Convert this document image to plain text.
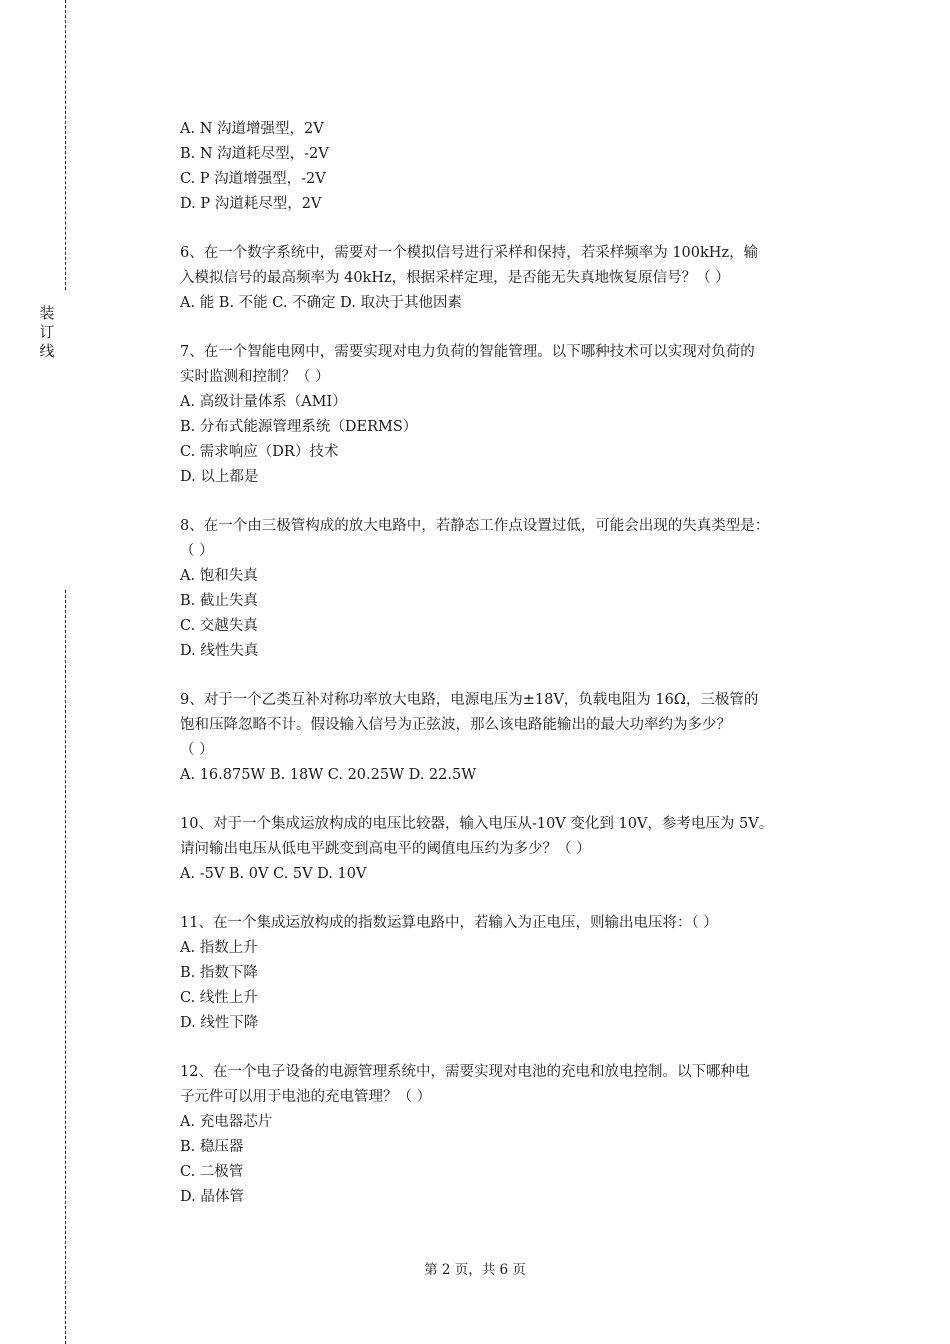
装订线
A. N 沟道增强型，2V
B. N 沟道耗尽型，-2V
C. P 沟道增强型，-2V
D. P 沟道耗尽型，2V
6、在一个数字系统中，需要对一个模拟信号进行采样和保持，若采样频率为 100kHz，输
入模拟信号的最高频率为 40kHz，根据采样定理，是否能无失真地恢复原信号？（ ）
A. 能 B. 不能 C. 不确定 D. 取决于其他因素
7、在一个智能电网中，需要实现对电力负荷的智能管理。以下哪种技术可以实现对负荷的
实时监测和控制？（ ）
A. 高级计量体系（AMI）
B. 分布式能源管理系统（DERMS）
C. 需求响应（DR）技术
D. 以上都是
8、在一个由三极管构成的放大电路中，若静态工作点设置过低，可能会出现的失真类型是：
（ ）
A. 饱和失真
B. 截止失真
C. 交越失真
D. 线性失真
9、对于一个乙类互补对称功率放大电路，电源电压为±18V，负载电阻为 16Ω，三极管的
饱和压降忽略不计。假设输入信号为正弦波，那么该电路能输出的最大功率约为多少？
（ ）
A. 16.875W B. 18W C. 20.25W D. 22.5W
10、对于一个集成运放构成的电压比较器，输入电压从-10V 变化到 10V，参考电压为 5V。
请问输出电压从低电平跳变到高电平的阈值电压约为多少？（ ）
A. -5V B. 0V C. 5V D. 10V
11、在一个集成运放构成的指数运算电路中，若输入为正电压，则输出电压将：（ ）
A. 指数上升
B. 指数下降
C. 线性上升
D. 线性下降
12、在一个电子设备的电源管理系统中，需要实现对电池的充电和放电控制。以下哪种电
子元件可以用于电池的充电管理？（ ）
A. 充电器芯片
B. 稳压器
C. 二极管
D. 晶体管
第 2 页，共 6 页
